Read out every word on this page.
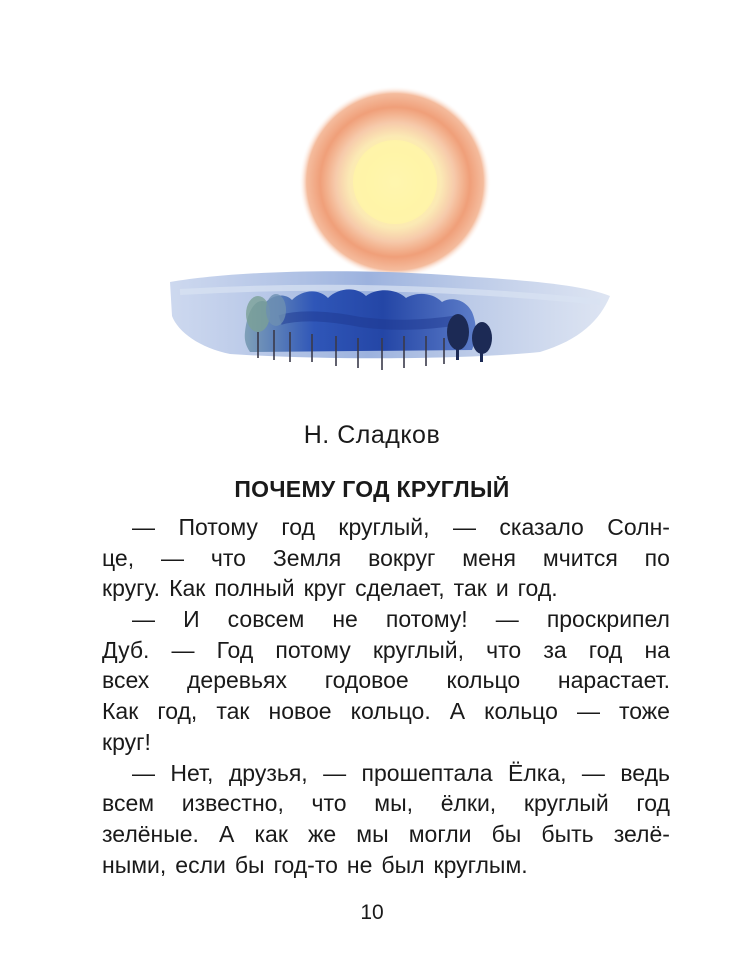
Н. Сладков
ПОЧЕМУ ГОД КРУГЛЫЙ
— Потому год круглый, — сказало Солн-
це, — что Земля вокруг меня мчится по
кругу. Как полный круг сделает, так и год.
— И совсем не потому! — проскрипел
Дуб. — Год потому круглый, что за год на
всех деревьях годовое кольцо нарастает.
Как год, так новое кольцо. А кольцо — тоже
круг!
— Нет, друзья, — прошептала Ёлка, — ведь
всем известно, что мы, ёлки, круглый год
зелёные. А как же мы могли бы быть зелё-
ными, если бы год-то не был круглым.
10
